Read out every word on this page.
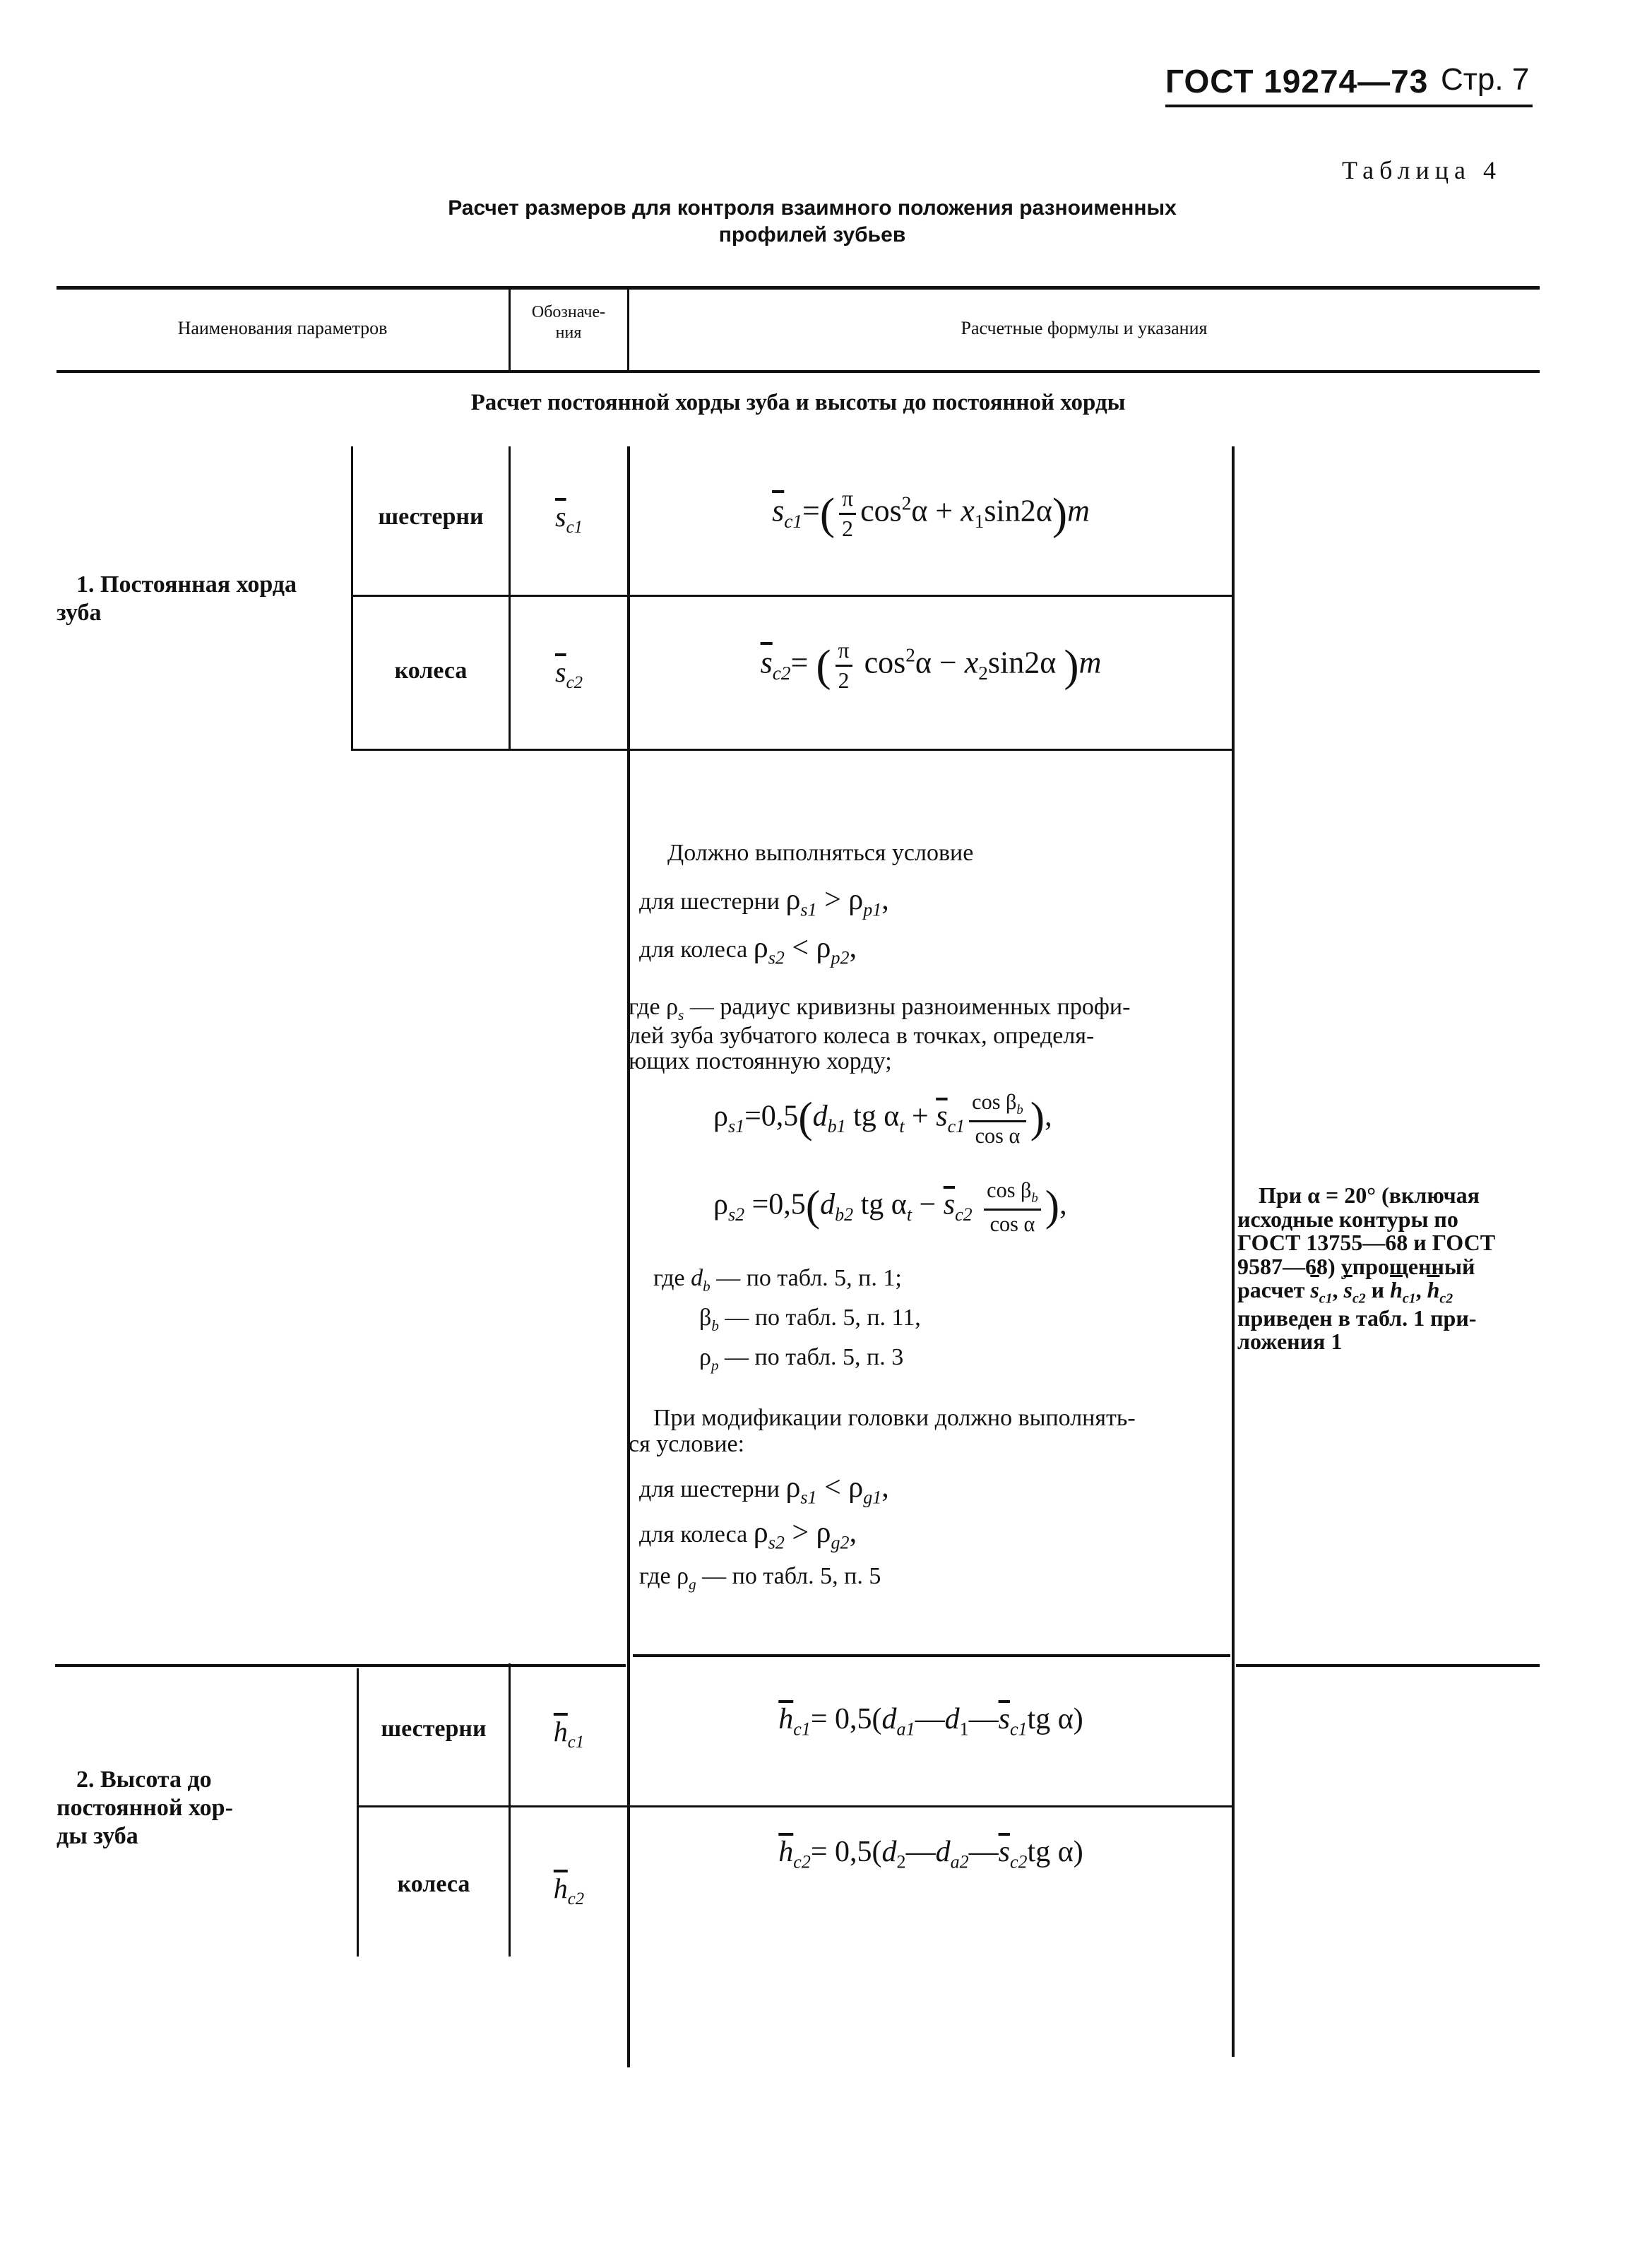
ГОСТ 19274—73 Стр. 7
Таблица 4
Расчет размеров для контроля взаимного положения разноименных
профилей зубьев
Наименования параметров
Обозначе-
ния	Расчетные формулы и указания
Расчет постоянной хорды зуба и высоты до постоянной хорды
1. Постоянная хорда
зуба
шестерни
колеса
$\overline{s}_{c1}$
$\overline{s}_{c2}$
$\overline{s}_{c1}=( \frac{\pi}{2} \cos^2\alpha + x_1\sin 2\alpha)m$
$\overline{s}_{c2}=$ ( $\frac{\pi}{2} \cos^2\alpha - x_2\sin 2\alpha$ )m
Должно выполняться условие
для шестерни $\rho_{s1} > \rho_{p1}$,
для колеса $\rho_{s2} < \rho_{p2}$,
где $\rho_s$ — радиус кривизны разноименных профи-
лей зуба зубчатого колеса в точках, определя-
ющих постоянную хорду;
$\rho_{s1}=0,5(d_{b1}$ tg $\alpha_t + \overline{s}_{c1} \frac{\cos \beta_b}{\text{cos α}}$ ),
$\rho_{s2} =0,5(d_{b2}$ tg $\alpha_t - \overline{s}_{c2} \frac{\cos \beta_b}{\text{cos α}}$ ),
где $d_b$ — по табл. 5, п. 1;
$\beta_b$ — по табл. 5, п. 11,
$\rho_p$ — по табл. 5, п. 3
При модификации головки должно выполнять-
ся условие:
для шестерни $\rho_{s1} < \rho_{g1}$,
для колеса $\rho_{s2} > \rho_{g2}$,
где $\rho_g$ — по табл. 5, п. 5
При α = 20° (включая
исходные контуры по
ГОСТ 13755—68 и ГОСТ
9587—68) упрощенный
расчет $\overline{s}_{c1}$, $\overline{s}_{c2}$ и $\overline{h}_{c1}$, $\overline{h}_{c2}$
приведен в табл. 1 при-
ложения 1
2. Высота до
постоянной хор-
ды зуба
шестерни
колеса
$\overline{h}_{c1}$
$\overline{h}_{c2}$
$\overline{h}_{c1}=$ $0,5(d_{a1}—d_1—\overline{s}_{c1}tg$ α)
$\overline{h}_{c2}=$ $0,5(d_2—d_{a2}—\overline{s}_{c2}tg$ α)
